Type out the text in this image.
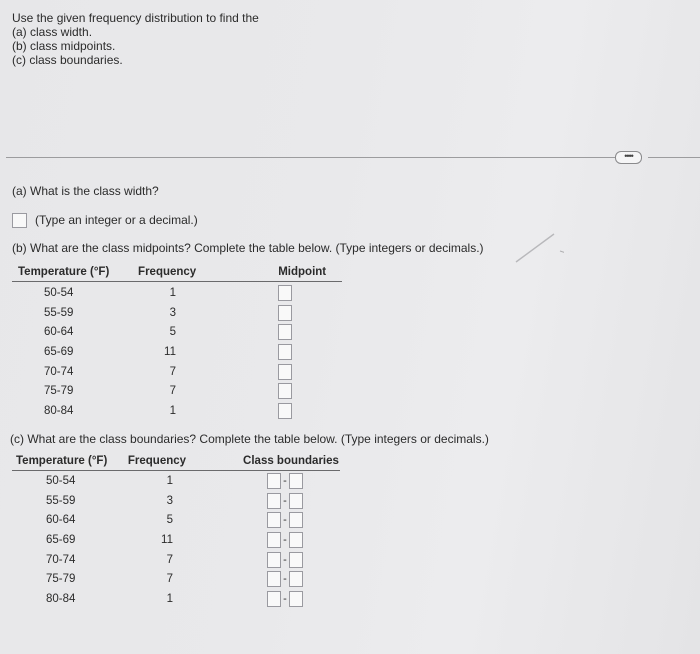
Use the given frequency distribution to find the
(a) class width.
(b) class midpoints.
(c) class boundaries.
••••
(a) What is the class width?
(Type an integer or a decimal.)
(b) What are the class midpoints? Complete the table below. (Type integers or decimals.)
Temperature (°F)	Frequency	Midpoint
50-54	1	
55-59	3	
60-64	5	
65-69	11	
70-74	7	
75-79	7	
80-84	1	
(c) What are the class boundaries? Complete the table below. (Type integers or decimals.)
Temperature (°F)	Frequency	Class boundaries
50-54	1	-
55-59	3	-
60-64	5	-
65-69	11	-
70-74	7	-
75-79	7	-
80-84	1	-
